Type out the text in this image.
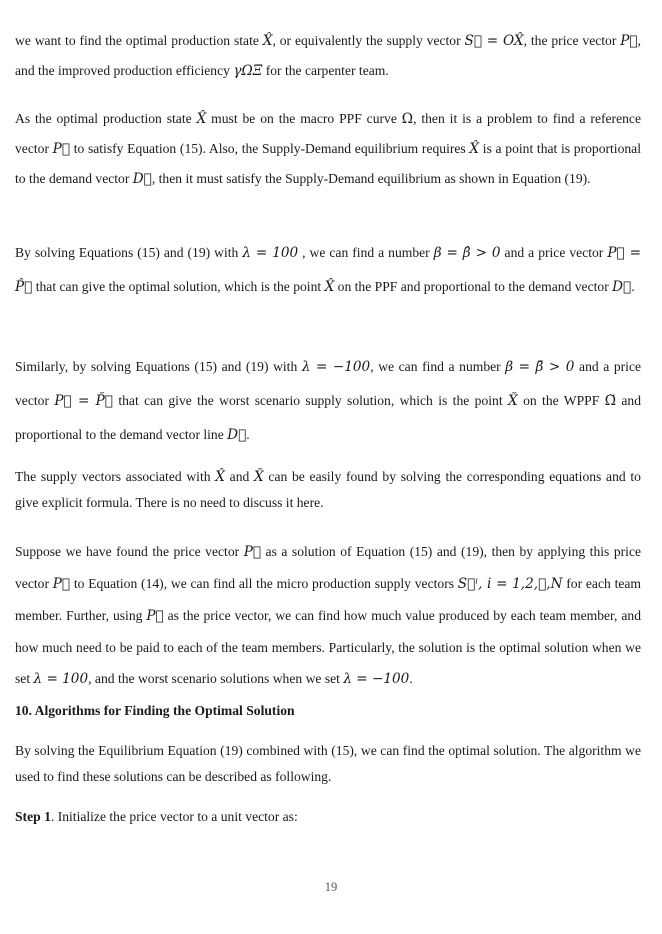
we want to find the optimal production state X̂, or equivalently the supply vector S⃗ = OX̂, the price vector P⃗, and the improved production efficiency γΩΞ for the carpenter team.
As the optimal production state X̂ must be on the macro PPF curve Ω, then it is a problem to find a reference vector P⃗ to satisfy Equation (15). Also, the Supply-Demand equilibrium requires X̂ is a point that is proportional to the demand vector D⃗, then it must satisfy the Supply-Demand equilibrium as shown in Equation (19).
By solving Equations (15) and (19) with λ = 100 , we can find a number β = β̂ > 0 and a price vector P⃗ = P̂⃗ that can give the optimal solution, which is the point X̂ on the PPF and proportional to the demand vector D⃗.
Similarly, by solving Equations (15) and (19) with λ = −100, we can find a number β = β̆ > 0 and a price vector P⃗ = P̆⃗ that can give the worst scenario supply solution, which is the point X̆ on the WPPF Ω̆ and proportional to the demand vector line D⃗.
The supply vectors associated with X̂ and X̆ can be easily found by solving the corresponding equations and to give explicit formula. There is no need to discuss it here.
Suppose we have found the price vector P⃗ as a solution of Equation (15) and (19), then by applying this price vector P⃗ to Equation (14), we can find all the micro production supply vectors S⃗ⁱ, i = 1,2,⋯,N for each team member. Further, using P⃗ as the price vector, we can find how much value produced by each team member, and how much need to be paid to each of the team members. Particularly, the solution is the optimal solution when we set λ = 100, and the worst scenario solutions when we set λ = −100.
10. Algorithms for Finding the Optimal Solution
By solving the Equilibrium Equation (19) combined with (15), we can find the optimal solution. The algorithm we used to find these solutions can be described as following.
Step 1. Initialize the price vector to a unit vector as:
19
